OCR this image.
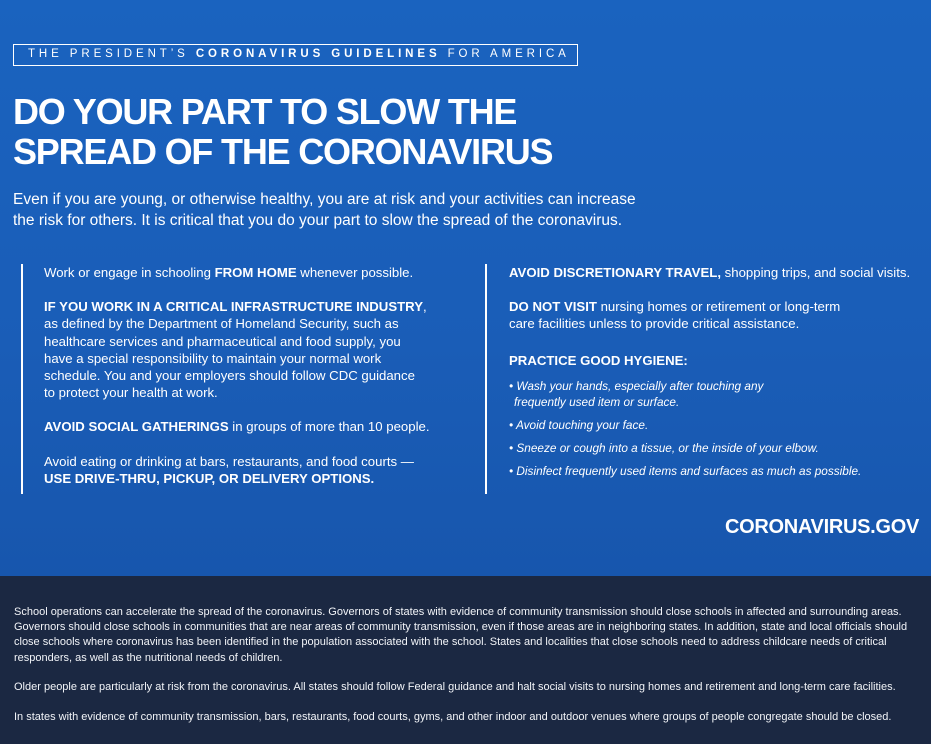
THE PRESIDENT’S CORONAVIRUS GUIDELINES FOR AMERICA
DO YOUR PART TO SLOW THE
SPREAD OF THE CORONAVIRUS

Even if you are young, or otherwise healthy, you are at risk and your activities can increase
the risk for others. It is critical that you do your part to slow the spread of the coronavirus.

Work or engage in schooling FROM HOME whenever possible.

IF YOU WORK IN A CRITICAL INFRASTRUCTURE INDUSTRY,
as defined by the Department of Homeland Security, such as
healthcare services and pharmaceutical and food supply, you
have a special responsibility to maintain your normal work
schedule. You and your employers should follow CDC guidance
to protect your health at work.

AVOID SOCIAL GATHERINGS in groups of more than 10 people.

Avoid eating or drinking at bars, restaurants, and food courts —
USE DRIVE-THRU, PICKUP, OR DELIVERY OPTIONS.

AVOID DISCRETIONARY TRAVEL, shopping trips, and social visits.

DO NOT VISIT nursing homes or retirement or long-term
care facilities unless to provide critical assistance.

PRACTICE GOOD HYGIENE:

• Wash your hands, especially after touching any
frequently used item or surface.

• Avoid touching your face.

• Sneeze or cough into a tissue, or the inside of your elbow.

• Disinfect frequently used items and surfaces as much as possible.

CORONAVIRUS.GOV

School operations can accelerate the spread of the coronavirus. Governors of states with evidence of community transmission should close schools in affected and surrounding areas.
Governors should close schools in communities that are near areas of community transmission, even if those areas are in neighboring states. In addition, state and local officials should
close schools where coronavirus has been identified in the population associated with the school. States and localities that close schools need to address childcare needs of critical
responders, as well as the nutritional needs of children.

Older people are particularly at risk from the coronavirus. All states should follow Federal guidance and halt social visits to nursing homes and retirement and long-term care facilities.

In states with evidence of community transmission, bars, restaurants, food courts, gyms, and other indoor and outdoor venues where groups of people congregate should be closed.
